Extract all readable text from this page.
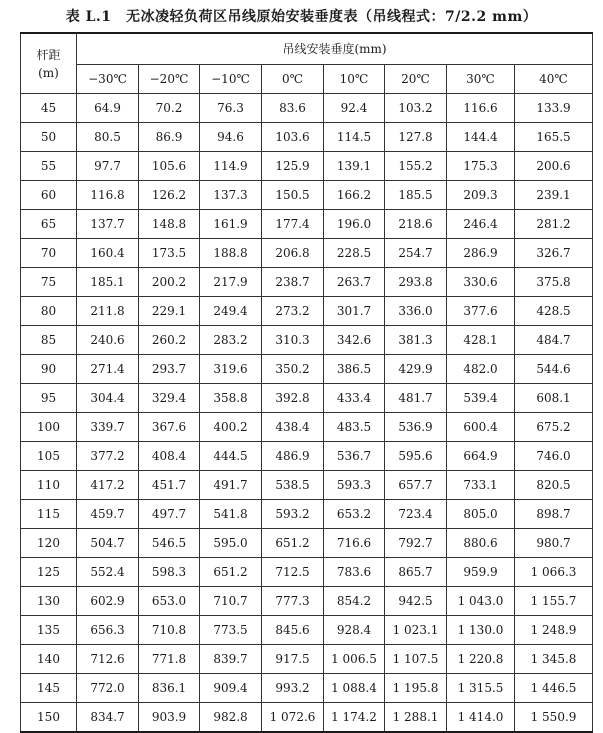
表 L.1　无冰凌轻负荷区吊线原始安装垂度表（吊线程式：7/2.2 mm）
杆距
(m)	吊线安装垂度(mm)							
	−30℃	−20℃	−10℃	0℃	10℃	20℃	30℃	40℃
45	64.9	70.2	76.3	83.6	92.4	103.2	116.6	133.9
50	80.5	86.9	94.6	103.6	114.5	127.8	144.4	165.5
55	97.7	105.6	114.9	125.9	139.1	155.2	175.3	200.6
60	116.8	126.2	137.3	150.5	166.2	185.5	209.3	239.1
65	137.7	148.8	161.9	177.4	196.0	218.6	246.4	281.2
70	160.4	173.5	188.8	206.8	228.5	254.7	286.9	326.7
75	185.1	200.2	217.9	238.7	263.7	293.8	330.6	375.8
80	211.8	229.1	249.4	273.2	301.7	336.0	377.6	428.5
85	240.6	260.2	283.2	310.3	342.6	381.3	428.1	484.7
90	271.4	293.7	319.6	350.2	386.5	429.9	482.0	544.6
95	304.4	329.4	358.8	392.8	433.4	481.7	539.4	608.1
100	339.7	367.6	400.2	438.4	483.5	536.9	600.4	675.2
105	377.2	408.4	444.5	486.9	536.7	595.6	664.9	746.0
110	417.2	451.7	491.7	538.5	593.3	657.7	733.1	820.5
115	459.7	497.7	541.8	593.2	653.2	723.4	805.0	898.7
120	504.7	546.5	595.0	651.2	716.6	792.7	880.6	980.7
125	552.4	598.3	651.2	712.5	783.6	865.7	959.9	1 066.3
130	602.9	653.0	710.7	777.3	854.2	942.5	1 043.0	1 155.7
135	656.3	710.8	773.5	845.6	928.4	1 023.1	1 130.0	1 248.9
140	712.6	771.8	839.7	917.5	1 006.5	1 107.5	1 220.8	1 345.8
145	772.0	836.1	909.4	993.2	1 088.4	1 195.8	1 315.5	1 446.5
150	834.7	903.9	982.8	1 072.6	1 174.2	1 288.1	1 414.0	1 550.9
